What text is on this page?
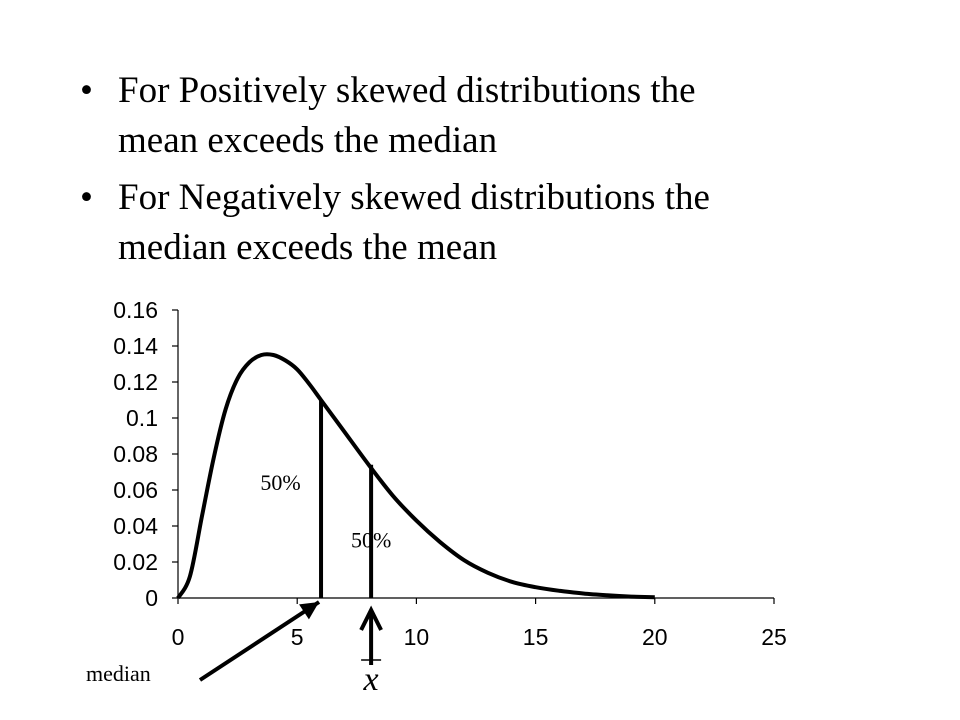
• For Positively skewed distributions the
mean exceeds the median
• For Negatively skewed distributions the
median exceeds the mean
0
0.02
0.04
0.06
0.08
0.1
0.12
0.14
0.16
0	5	10	15	20	25
50%
50%
median	x
